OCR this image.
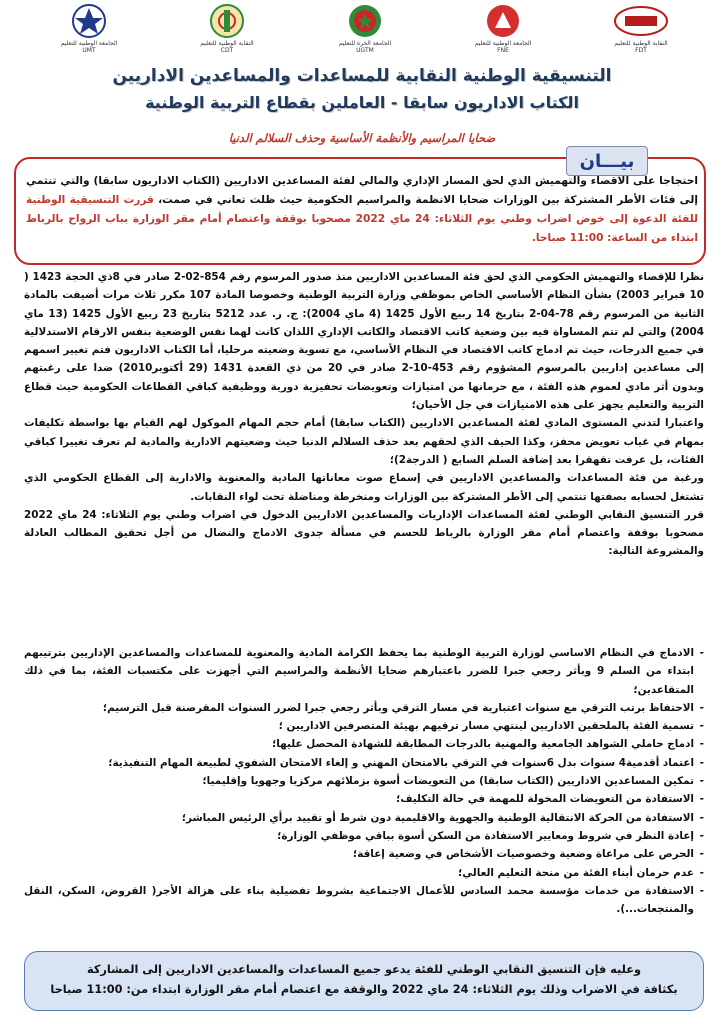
الجامعة الوطنية للتعليم
UMT
النقابة الوطنية للتعليم
CDT
الجامعة الحرة للتعليم
UGTM
الجامعة الوطنية للتعليم
FNE
النقابة الوطنية للتعليم
FDT
التنسيقية الوطنية النقابية للمساعدات والمساعدين الاداريين
الكتاب الاداريون سابقا - العاملين بقطاع التربية الوطنية
ضحايا المراسيم والأنظمة الأساسية وحذف السلالم الدنيا
بيـــان
احتجاجا على الاقصاء والتهميش الذي لحق المسار الإداري والمالي لفئة المساعدين الاداريين (الكتاب الاداريون سابقا) والتي تنتمي إلى فئات الأطر المشتركة بين الوزارات ضحايا الانظمة والمراسيم الحكومية حيث ظلت تعاني في صمت، قررت التنسيقية الوطنية للفئة الدعوة إلى خوض اضراب وطني يوم الثلاثاء: 24 ماي 2022 مصحوبا بوقفة واعتصام أمام مقر الوزارة بباب الرواح بالرباط ابتداء من الساعة: 11:00 صباحا.

نظرا للإقصاء والتهميش الحكومي الذي لحق فئة المساعدين الاداريين منذ صدور المرسوم رقم 854-02-2 صادر في 8ذي الحجة 1423 ( 10 فبراير 2003) بشأن النظام الأساسي الخاص بموظفي وزارة التربية الوطنية وخصوصا المادة 107 مكرر ثلاث مرات أضيفت بالمادة الثانية من المرسوم رقم 78-04-2 بتاريخ 14 ربيع الأول 1425 (4 ماي 2004): ج. ر. عدد 5212 بتاريخ 23 ربيع الأول 1425 (13 ماي 2004) والتي لم تتم المساواة فيه بين وضعية كاتب الاقتصاد والكاتب الإداري اللذان كانت لهما نفس الوضعية بنفس الارقام الاستدلالية في جميع الدرجات، حيث تم ادماج كاتب الاقتصاد في النظام الأساسي، مع تسوية وضعيته مرحليا، أما الكتاب الاداريون فتم تغيير اسمهم إلى مساعدين إداريين بالمرسوم المشؤوم رقم 453-10-2 صادر في 20 من ذي القعدة 1431 (29 أكتوبر2010) ضدا على رغبتهم وبدون أثر مادي لعموم هذه الفئة ، مع حرمانها من امتيازات وتعويضات تحفيزية دورية ووظيفية كباقي القطاعات الحكومية حيث قطاع التربية والتعليم يجهز على هذه الامتيازات في جل الأحيان؛

واعتبارا لتدني المستوى المادي لفئة المساعدين الاداريين (الكتاب سابقا) أمام حجم المهام الموكول لهم القيام بها بواسطة تكليفات بمهام في غياب تعويض محفز، وكذا الحيف الذي لحقهم بعد حذف السلالم الدنيا حيث وضعيتهم الادارية والمادية لم تعرف تغييرا كباقي الفئات، بل عرفت تقهقرا بعد إضافة السلم السابع ( الدرجة2)؛

ورغبة من فئة المساعدات والمساعدين الاداريين في إسماع صوت معاناتها المادية والمعنوية والادارية إلى القطاع الحكومي الذي تشتغل لحسابه بصفتها تنتمي إلى الأطر المشتركة بين الوزارات ومنخرطة ومناضلة تحت لواء النقابات.

قرر التنسيق النقابي الوطني لفئة المساعدات الإداريات والمساعدين الاداريين الدخول في اضراب وطني يوم الثلاثاء: 24 ماي 2022 مصحوبا بوقفة واعتصام أمام مقر الوزارة بالرباط للحسم في مسألة جدوى الادماج والنضال من أجل تحقيق المطالب العادلة والمشروعة التالية:

- الادماج في النظام الاساسي لوزارة التربية الوطنية بما يحفظ الكرامة المادية والمعنوية للمساعدات والمساعدين الإداريين بترتيبهم ابتداء من السلم 9 وبأثر رجعي جبرا للضرر باعتبارهم ضحايا الأنظمة والمراسيم التي أجهزت على مكتسبات الفئة، بما في ذلك المتقاعدين؛
- الاحتفاظ برتب الترقي مع سنوات اعتبارية في مسار الترقي وبأثر رجعي جبرا لضرر السنوات المقرصنة قبل الترسيم؛
- تسمية الفئة بالملحقين الاداريين لينتهي مسار ترقيهم بهيئة المتصرفين الاداريين ؛
- ادماج حاملي الشواهد الجامعية والمهنية بالدرجات المطابقة للشهادة المحصل عليها؛
- اعتماد أقدمية4 سنوات بدل 6سنوات في الترقي بالامتحان المهني و إلغاء الامتحان الشفوي لطبيعة المهام التنفيذية؛
- تمكين المساعدين الاداريين (الكتاب سابقا) من التعويضات أسوة بزملائهم مركزيا وجهويا وإقليميا؛
- الاستفادة من التعويضات المخولة للمهمة في حالة التكليف؛
- الاستفادة من الحركة الانتقالية الوطنية والجهوية والاقليمية دون شرط أو تقييد برأي الرئيس المباشر؛
- إعادة النظر في شروط ومعايير الاستفادة من السكن أسوة بباقي موظفي الوزارة؛
- الحرص على مراعاة وضعية وخصوصيات الأشخاص في وضعية إعاقة؛
- عدم حرمان أبناء الفئة من منحة التعليم العالي؛
- الاستفادة من خدمات مؤسسة محمد السادس للأعمال الاجتماعية بشروط تفضيلية بناء على هزالة الأجر( القروض، السكن، النقل والمنتجعات...).
وعليه فإن التنسيق النقابي الوطني للفئة يدعو جميع المساعدات والمساعدين الاداريين إلى المشاركة
بكثافة في الاضراب وذلك يوم الثلاثاء: 24 ماي 2022 والوقفة مع اعتصام أمام مقر الوزارة ابتداء من: 11:00 صباحا
